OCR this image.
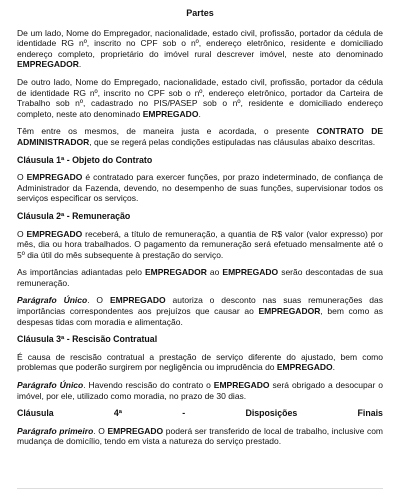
Partes

De um lado, Nome do Empregador, nacionalidade, estado civil, profissão, portador da cédula de identidade RG nº, inscrito no CPF sob o nº, endereço eletrônico, residente e domiciliado endereço completo, proprietário do imóvel rural descrever imóvel, neste ato denominado EMPREGADOR.

De outro lado, Nome do Empregado, nacionalidade, estado civil, profissão, portador da cédula de identidade RG nº, inscrito no CPF sob o nº, endereço eletrônico, portador da Carteira de Trabalho sob nº, cadastrado no PIS/PASEP sob o nº, residente e domiciliado endereço completo, neste ato denominado EMPREGADO.

Têm entre os mesmos, de maneira justa e acordada, o presente CONTRATO DE ADMINISTRADOR, que se regerá pelas condições estipuladas nas cláusulas abaixo descritas.

Cláusula 1ª - Objeto do Contrato

O EMPREGADO é contratado para exercer funções, por prazo indeterminado, de confiança de Administrador da Fazenda, devendo, no desempenho de suas funções, supervisionar todos os serviços especificar os serviços.

Cláusula 2ª - Remuneração

O EMPREGADO receberá, a título de remuneração, a quantia de R$ valor (valor expresso) por mês, dia ou hora trabalhados. O pagamento da remuneração será efetuado mensalmente até o 5º dia útil do mês subsequente à prestação do serviço.

As importâncias adiantadas pelo EMPREGADOR ao EMPREGADO serão descontadas de sua remuneração.

Parágrafo Único. O EMPREGADO autoriza o desconto nas suas remunerações das importâncias correspondentes aos prejuízos que causar ao EMPREGADOR, bem como as despesas tidas com moradia e alimentação.

Cláusula 3ª - Rescisão Contratual

É causa de rescisão contratual a prestação de serviço diferente do ajustado, bem como problemas que poderão surgirem por negligência ou imprudência do EMPREGADO.

Parágrafo Único. Havendo rescisão do contrato o EMPREGADO será obrigado a desocupar o imóvel, por ele, utilizado como moradia, no prazo de 30 dias.

Cláusula	4ª	-	Disposições	Finais

Parágrafo primeiro. O EMPREGADO poderá ser transferido de local de trabalho, inclusive com mudança de domicílio, tendo em vista a natureza do serviço prestado.
